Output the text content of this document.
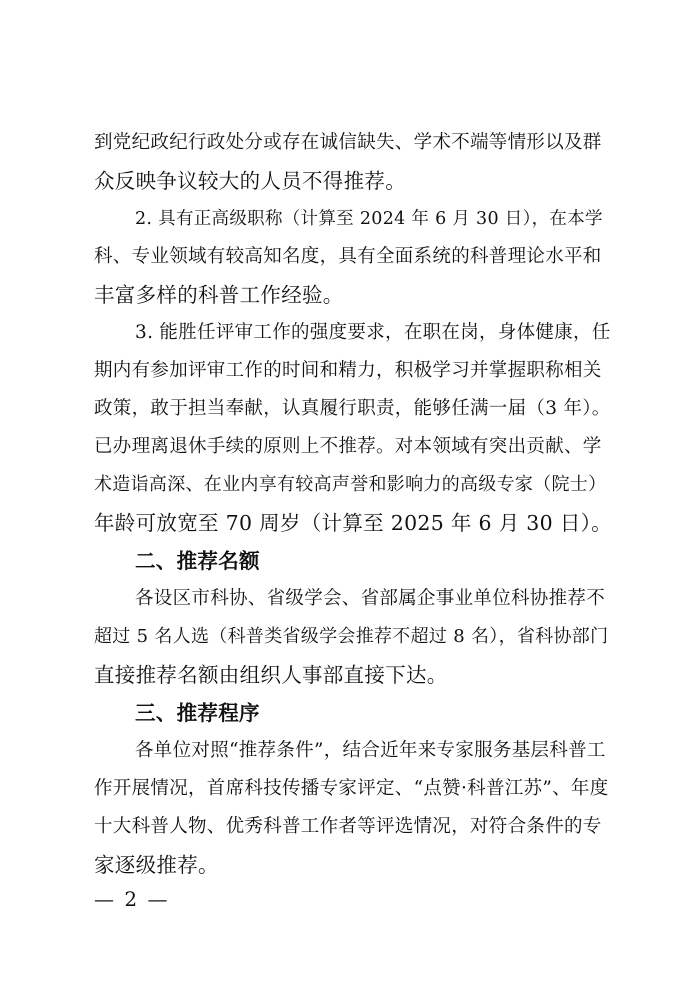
到党纪政纪行政处分或存在诚信缺失、学术不端等情形以及群
众反映争议较大的人员不得推荐。
2. 具有正高级职称（计算至 2024 年 6 月 30 日），在本学
科、专业领域有较高知名度，具有全面系统的科普理论水平和
丰富多样的科普工作经验。
3. 能胜任评审工作的强度要求，在职在岗，身体健康，任
期内有参加评审工作的时间和精力，积极学习并掌握职称相关
政策，敢于担当奉献，认真履行职责，能够任满一届（3 年）。
已办理离退休手续的原则上不推荐。对本领域有突出贡献、学
术造诣高深、在业内享有较高声誉和影响力的高级专家（院士）
年龄可放宽至 70 周岁（计算至 2025 年 6 月 30 日）。
二、推荐名额
各设区市科协、省级学会、省部属企事业单位科协推荐不
超过 5 名人选（科普类省级学会推荐不超过 8 名），省科协部门
直接推荐名额由组织人事部直接下达。
三、推荐程序
各单位对照“推荐条件”，结合近年来专家服务基层科普工
作开展情况，首席科技传播专家评定、“点赞·科普江苏”、年度
十大科普人物、优秀科普工作者等评选情况，对符合条件的专
家逐级推荐。
— 2 —
